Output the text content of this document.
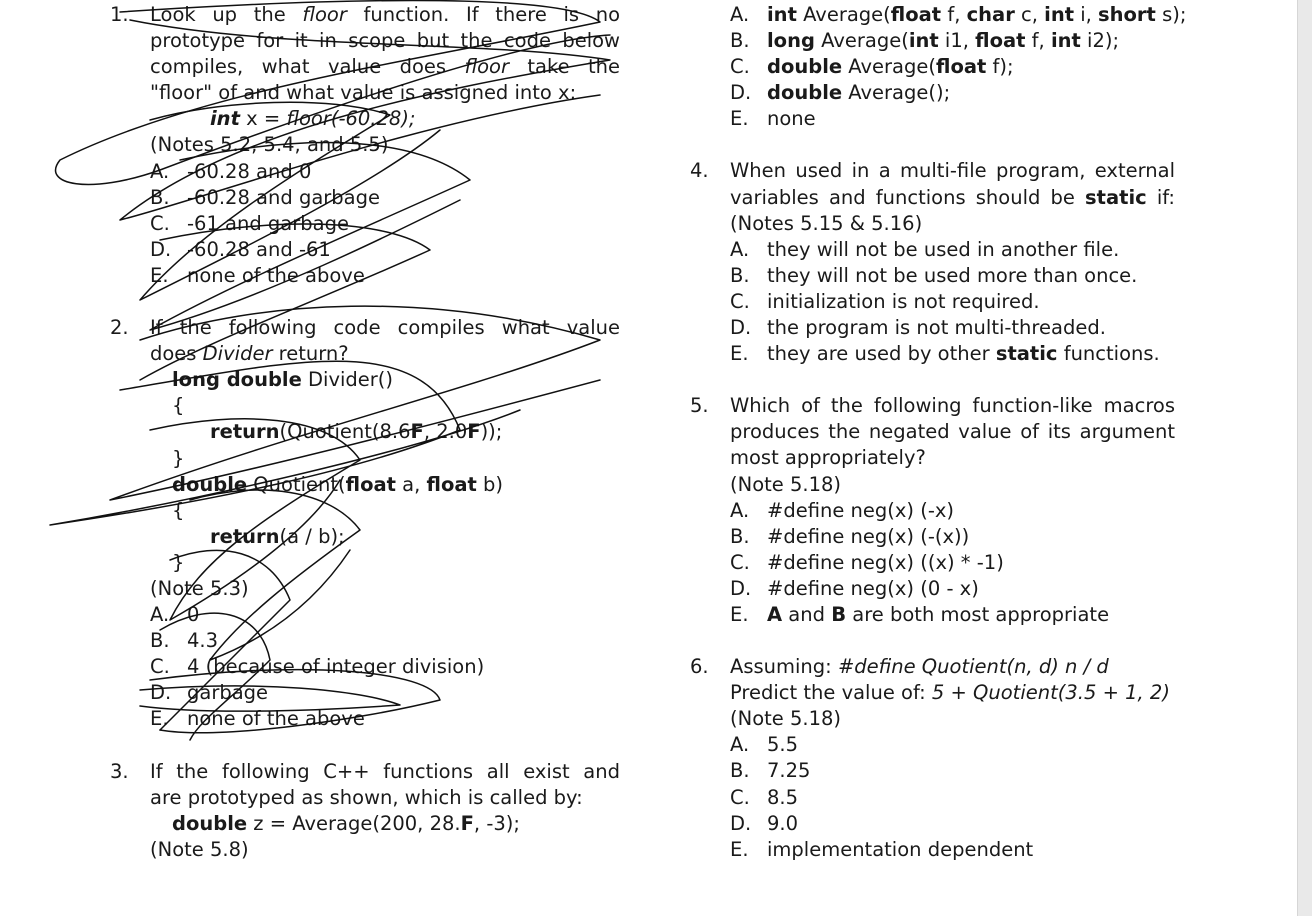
1. Look up the floor function. If there is no
prototype for it in scope but the code below
compiles, what value does floor take the
"floor" of and what value is assigned into x:
int x = floor(-60.28);
(Notes 5.2, 5.4, and 5.5)
A. -60.28 and 0
B. -60.28 and garbage
C. -61 and garbage
D. -60.28 and -61
E. none of the above
2. If the following code compiles what value
does Divider return?
long double Divider()
{
return(Quotient(8.6F, 2.0F));
}
double Quotient(float a, float b)
{
return(a / b);
}
(Note 5.3)
A. 0
B. 4.3
C. 4 (because of integer division)
D. garbage
E. none of the above
3. If the following C++ functions all exist and
are prototyped as shown, which is called by:
double z = Average(200, 28.F, -3);
(Note 5.8)
A. int Average(float f, char c, int i, short s);
B. long Average(int i1, float f, int i2);
C. double Average(float f);
D. double Average();
E. none
4. When used in a multi-file program, external
variables and functions should be static if:
(Notes 5.15 & 5.16)
A. they will not be used in another file.
B. they will not be used more than once.
C. initialization is not required.
D. the program is not multi-threaded.
E. they are used by other static functions.
5. Which of the following function-like macros
produces the negated value of its argument
most appropriately?
(Note 5.18)
A. #define neg(x) (-x)
B. #define neg(x) (-(x))
C. #define neg(x) ((x) * -1)
D. #define neg(x) (0 - x)
E. A and B are both most appropriate
6. Assuming: #define Quotient(n, d) n / d
Predict the value of: 5 + Quotient(3.5 + 1, 2)
(Note 5.18)
A. 5.5
B. 7.25
C. 8.5
D. 9.0
E. implementation dependent
